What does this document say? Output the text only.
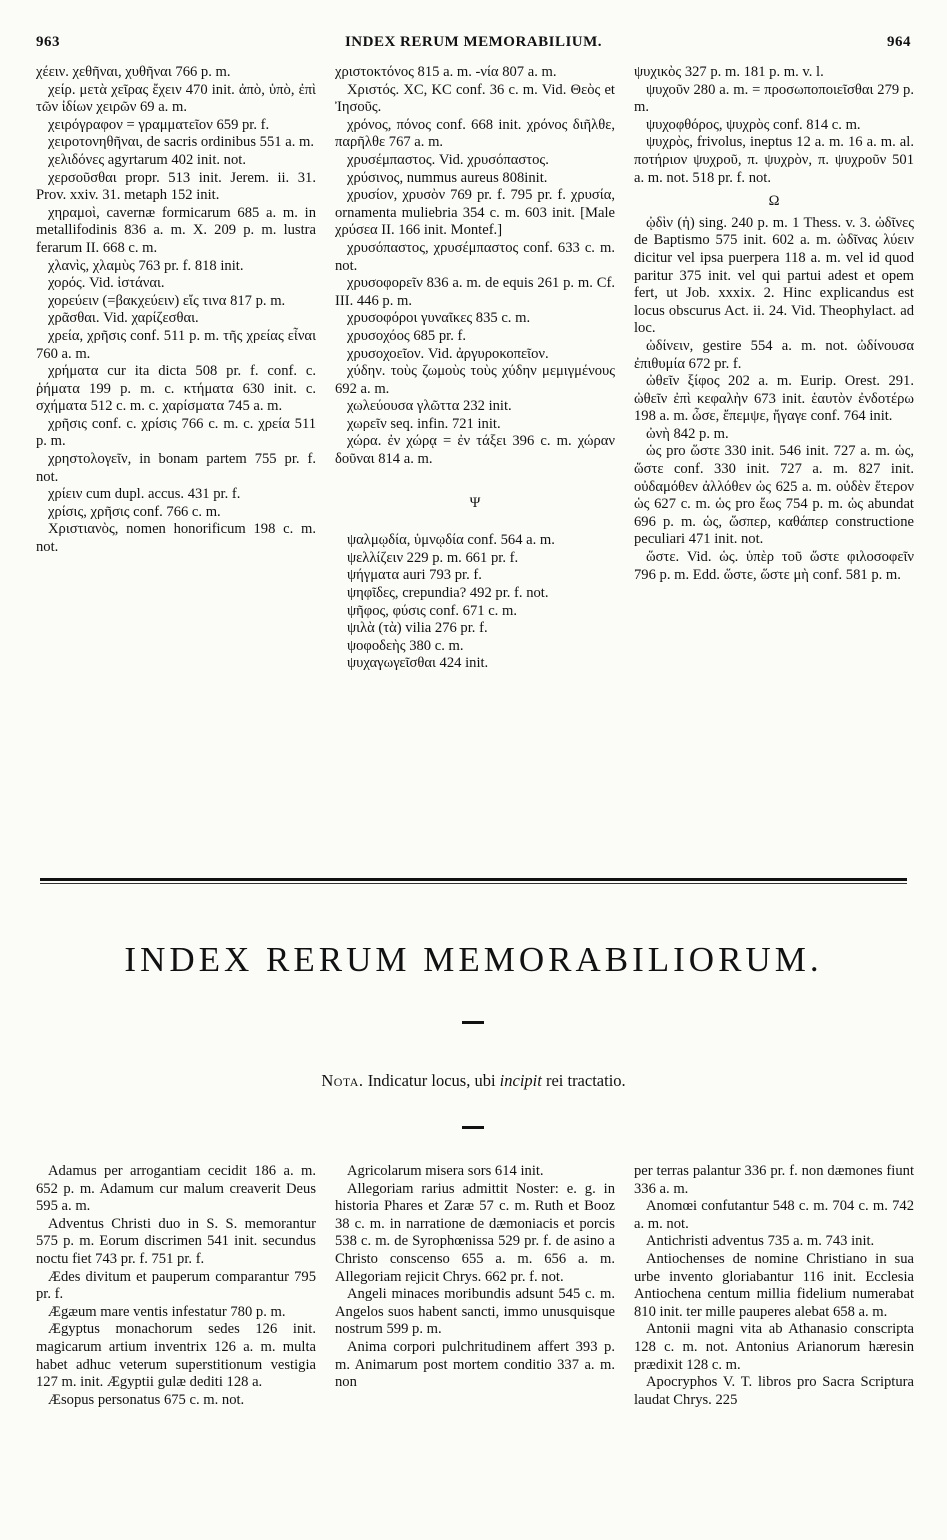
963	INDEX RERUM MEMORABILIUM.	964

χέειν. χεθῆναι, χυθῆναι 766 p. m.

χείρ. μετὰ χεῖρας ἔχειν 470 init. ἀπὸ, ὑπὸ, ἐπὶ τῶν ἰδίων χειρῶν 69 a. m.

χειρόγραφον = γραμματεῖον 659 pr. f.

χειροτονηθῆναι, de sacris ordinibus 551 a. m.

χελιδόνες agyrtarum 402 init. not.

χερσοῦσθαι propr. 513 init. Jerem. ii. 31. Prov. xxiv. 31. metaph 152 init.

χηραμοὶ, cavernæ formicarum 685 a. m. in metallifodinis 836 a. m. X. 209 p. m. lustra ferarum II. 668 c. m.

χλανὶς, χλαμὺς 763 pr. f. 818 init.

χορός. Vid. ἱστάναι.

χορεύειν (=βακχεύειν) εἴς τινα 817 p. m.

χρᾶσθαι. Vid. χαρίζεσθαι.

χρεία, χρῆσις conf. 511 p. m. τῆς χρείας εἶναι 760 a. m.

χρήματα cur ita dicta 508 pr. f. conf. c. ῥήματα 199 p. m. c. κτήματα 630 init. c. σχήματα 512 c. m. c. χαρίσματα 745 a. m.

χρῆσις conf. c. χρίσις 766 c. m. c. χρεία 511 p. m.

χρηστολογεῖν, in bonam partem 755 pr. f. not.

χρίειν cum dupl. accus. 431 pr. f.

χρίσις, χρῆσις conf. 766 c. m.

Χριστιανὸς, nomen honorificum 198 c. m. not.

χριστοκτόνος 815 a. m. -νία 807 a. m.

Χριστός. XC, KC conf. 36 c. m. Vid. Θεὸς et Ἰησοῦς.

χρόνος, πόνος conf. 668 init. χρόνος διῆλθε, παρῆλθε 767 a. m.

χρυσέμπαστος. Vid. χρυσόπαστος.

χρύσινος, nummus aureus 808init.

χρυσίον, χρυσὸν 769 pr. f. 795 pr. f. χρυσία, ornamenta muliebria 354 c. m. 603 init. [Male χρύσεα II. 166 init. Montef.]

χρυσόπαστος, χρυσέμπαστος conf. 633 c. m. not.

χρυσοφορεῖν 836 a. m. de equis 261 p. m. Cf. III. 446 p. m.

χρυσοφόροι γυναῖκες 835 c. m.

χρυσοχόος 685 pr. f.

χρυσοχοεῖον. Vid. ἀργυροκοπεῖον.

χύδην. τοὺς ζωμοὺς τοὺς χύδην μεμιγμένους 692 a. m.

χωλεύουσα γλῶττα 232 init.

χωρεῖν seq. infin. 721 init.

χώρα. ἐν χώρᾳ = ἐν τάξει 396 c. m. χώραν δοῦναι 814 a. m.

Ψ

ψαλμῳδία, ὑμνῳδία conf. 564 a. m.

ψελλίζειν 229 p. m. 661 pr. f.

ψήγματα auri 793 pr. f.

ψηφῖδες, crepundia? 492 pr. f. not.

ψῆφος, φύσις conf. 671 c. m.

ψιλὰ (τὰ) vilia 276 pr. f.

ψοφοδεὴς 380 c. m.

ψυχαγωγεῖσθαι 424 init.

ψυχικὸς 327 p. m. 181 p. m. v. l.

ψυχοῦν 280 a. m. = προσωποποιεῖσθαι 279 p. m.

ψυχοφθόρος, ψυχρὸς conf. 814 c. m.

ψυχρὸς, frivolus, ineptus 12 a. m. 16 a. m. al. ποτήριον ψυχροῦ, π. ψυχρὸν, π. ψυχροῦν 501 a. m. not. 518 pr. f. not.

Ω

ᾠδὶν (ἡ) sing. 240 p. m. 1 Thess. v. 3. ὠδῖνες de Baptismo 575 init. 602 a. m. ὠδῖνας λύειν dicitur vel ipsa puerpera 118 a. m. vel id quod paritur 375 init. vel qui partui adest et opem fert, ut Job. xxxix. 2. Hinc explicandus est locus obscurus Act. ii. 24. Vid. Theophylact. ad loc.

ὠδίνειν, gestire 554 a. m. not. ὠδίνουσα ἐπιθυμία 672 pr. f.

ὠθεῖν ξίφος 202 a. m. Eurip. Orest. 291. ὠθεῖν ἐπὶ κεφαλὴν 673 init. ἑαυτὸν ἐνδοτέρω 198 a. m. ὦσε, ἔπεμψε, ἤγαγε conf. 764 init.

ὠνὴ 842 p. m.

ὡς pro ὥστε 330 init. 546 init. 727 a. m. ὡς, ὥστε conf. 330 init. 727 a. m. 827 init. οὐδαμόθεν ἀλλόθεν ὡς 625 a. m. οὐδὲν ἕτερον ὡς 627 c. m. ὡς pro ἕως 754 p. m. ὡς abundat 696 p. m. ὡς, ὥσπερ, καθάπερ constructione peculiari 471 init. not.

ὥστε. Vid. ὡς. ὑπὲρ τοῦ ὥστε φιλοσοφεῖν 796 p. m. Edd. ὥστε, ὥστε μὴ conf. 581 p. m.

INDEX RERUM MEMORABILIORUM.
Nota. Indicatur locus, ubi incipit rei tractatio.

Adamus per arrogantiam cecidit 186 a. m. 652 p. m. Adamum cur malum creaverit Deus 595 a. m.

Adventus Christi duo in S. S. memorantur 575 p. m. Eorum discrimen 541 init. secundus noctu fiet 743 pr. f. 751 pr. f.

Ædes divitum et pauperum comparantur 795 pr. f.

Ægæum mare ventis infestatur 780 p. m.

Ægyptus monachorum sedes 126 init. magicarum artium inventrix 126 a. m. multa habet adhuc veterum superstitionum vestigia 127 m. init. Ægyptii gulæ dediti 128 a.

Æsopus personatus 675 c. m. not.

Agricolarum misera sors 614 init.

Allegoriam rarius admittit Noster: e. g. in historia Phares et Zaræ 57 c. m. Ruth et Booz 38 c. m. in narratione de dæmoniacis et porcis 538 c. m. de Syrophœnissa 529 pr. f. de asino a Christo conscenso 655 a. m. 656 a. m. Allegoriam rejicit Chrys. 662 pr. f. not.

Angeli minaces moribundis adsunt 545 c. m. Angelos suos habent sancti, immo unusquisque nostrum 599 p. m.

Anima corpori pulchritudinem affert 393 p. m. Animarum post mortem conditio 337 a. m. non

per terras palantur 336 pr. f. non dæmones fiunt 336 a. m.

Anomœi confutantur 548 c. m. 704 c. m. 742 a. m. not.

Antichristi adventus 735 a. m. 743 init.

Antiochenses de nomine Christiano in sua urbe invento gloriabantur 116 init. Ecclesia Antiochena centum millia fidelium numerabat 810 init. ter mille pauperes alebat 658 a. m.

Antonii magni vita ab Athanasio conscripta 128 c. m. not. Antonius Arianorum hæresin prædixit 128 c. m.

Apocryphos V. T. libros pro Sacra Scriptura laudat Chrys. 225
